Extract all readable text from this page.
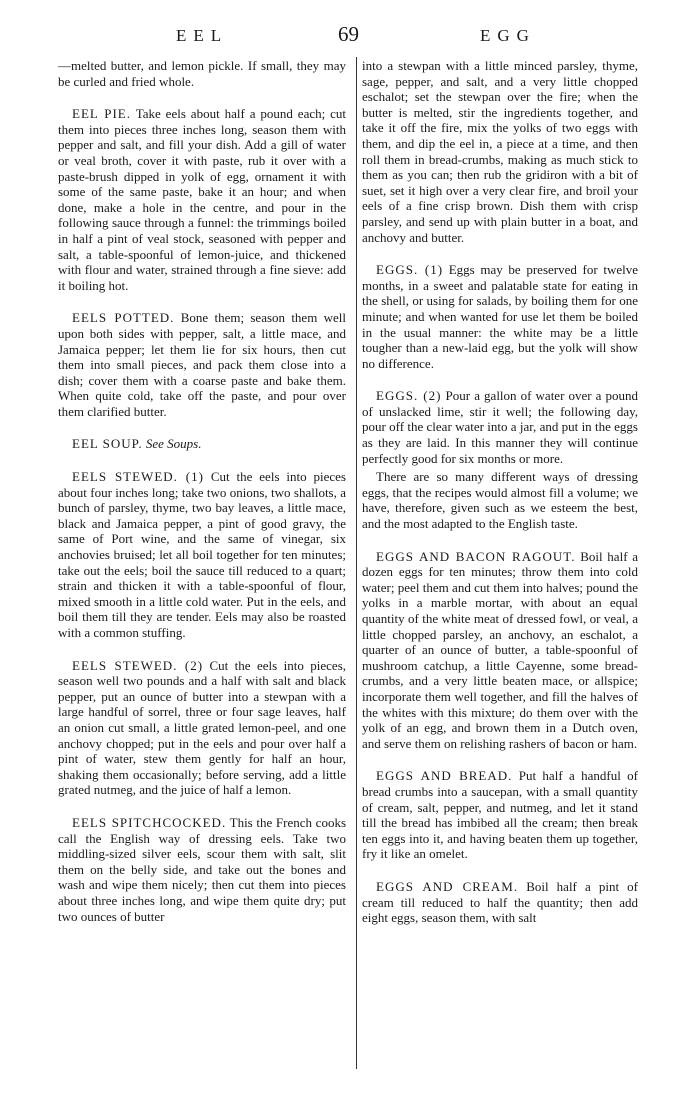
EEL	69	EGG

—melted butter, and lemon pickle. If small, they may be curled and fried whole.

EEL PIE. Take eels about half a pound each; cut them into pieces three inches long, season them with pepper and salt, and fill your dish. Add a gill of water or veal broth, cover it with paste, rub it over with a paste-brush dipped in yolk of egg, ornament it with some of the same paste, bake it an hour; and when done, make a hole in the centre, and pour in the following sauce through a funnel: the trimmings boiled in half a pint of veal stock, seasoned with pepper and salt, a table-spoonful of lemon-juice, and thickened with flour and water, strained through a fine sieve: add it boiling hot.

EELS POTTED. Bone them; season them well upon both sides with pepper, salt, a little mace, and Jamaica pepper; let them lie for six hours, then cut them into small pieces, and pack them close into a dish; cover them with a coarse paste and bake them. When quite cold, take off the paste, and pour over them clarified butter.

EEL SOUP. See Soups.

EELS STEWED. (1) Cut the eels into pieces about four inches long; take two onions, two shallots, a bunch of parsley, thyme, two bay leaves, a little mace, black and Jamaica pepper, a pint of good gravy, the same of Port wine, and the same of vinegar, six anchovies bruised; let all boil together for ten minutes; take out the eels; boil the sauce till reduced to a quart; strain and thicken it with a table-spoonful of flour, mixed smooth in a little cold water. Put in the eels, and boil them till they are tender. Eels may also be roasted with a common stuffing.

EELS STEWED. (2) Cut the eels into pieces, season well two pounds and a half with salt and black pepper, put an ounce of butter into a stewpan with a large handful of sorrel, three or four sage leaves, half an onion cut small, a little grated lemon-peel, and one anchovy chopped; put in the eels and pour over half a pint of water, stew them gently for half an hour, shaking them occasionally; before serving, add a little grated nutmeg, and the juice of half a lemon.

EELS SPITCHCOCKED. This the French cooks call the English way of dressing eels. Take two middling-sized silver eels, scour them with salt, slit them on the belly side, and take out the bones and wash and wipe them nicely; then cut them into pieces about three inches long, and wipe them quite dry; put two ounces of butter

into a stewpan with a little minced parsley, thyme, sage, pepper, and salt, and a very little chopped eschalot; set the stewpan over the fire; when the butter is melted, stir the ingredients together, and take it off the fire, mix the yolks of two eggs with them, and dip the eel in, a piece at a time, and then roll them in bread-crumbs, making as much stick to them as you can; then rub the gridiron with a bit of suet, set it high over a very clear fire, and broil your eels of a fine crisp brown. Dish them with crisp parsley, and send up with plain butter in a boat, and anchovy and butter.

EGGS. (1) Eggs may be preserved for twelve months, in a sweet and palatable state for eating in the shell, or using for salads, by boiling them for one minute; and when wanted for use let them be boiled in the usual manner: the white may be a little tougher than a new-laid egg, but the yolk will show no difference.

EGGS. (2) Pour a gallon of water over a pound of unslacked lime, stir it well; the following day, pour off the clear water into a jar, and put in the eggs as they are laid. In this manner they will continue perfectly good for six months or more.

There are so many different ways of dressing eggs, that the recipes would almost fill a volume; we have, therefore, given such as we esteem the best, and the most adapted to the English taste.

EGGS AND BACON RAGOUT. Boil half a dozen eggs for ten minutes; throw them into cold water; peel them and cut them into halves; pound the yolks in a marble mortar, with about an equal quantity of the white meat of dressed fowl, or veal, a little chopped parsley, an anchovy, an eschalot, a quarter of an ounce of butter, a table-spoonful of mushroom catchup, a little Cayenne, some bread-crumbs, and a very little beaten mace, or allspice; incorporate them well together, and fill the halves of the whites with this mixture; do them over with the yolk of an egg, and brown them in a Dutch oven, and serve them on relishing rashers of bacon or ham.

EGGS AND BREAD. Put half a handful of bread crumbs into a saucepan, with a small quantity of cream, salt, pepper, and nutmeg, and let it stand till the bread has imbibed all the cream; then break ten eggs into it, and having beaten them up together, fry it like an omelet.

EGGS AND CREAM. Boil half a pint of cream till reduced to half the quantity; then add eight eggs, season them, with salt
